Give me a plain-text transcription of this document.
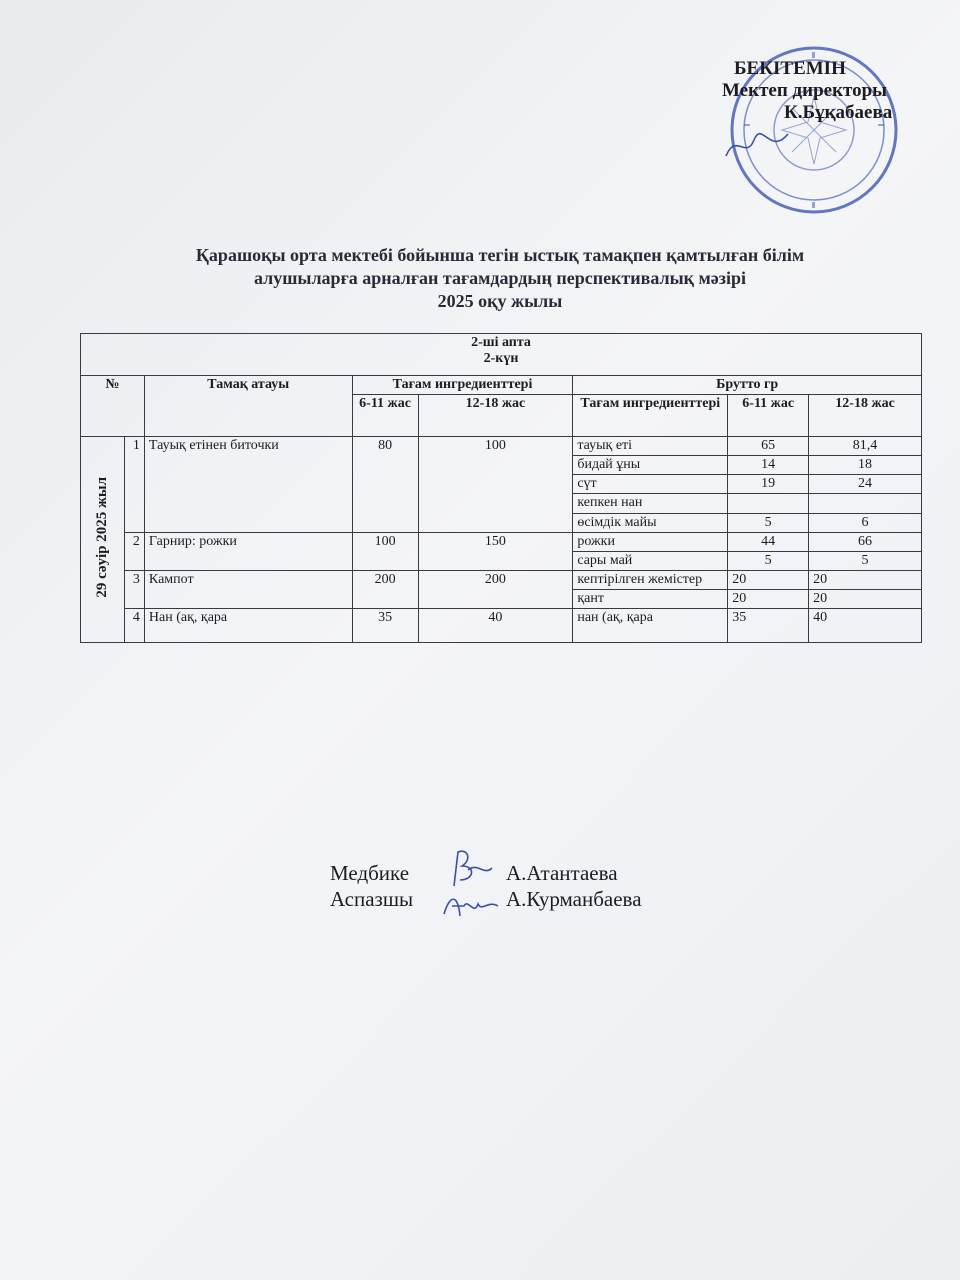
БЕКІТЕМІН
Мектеп директоры
К.Бұқабаева
Қарашоқы орта мектебі бойынша тегін ыстық тамақпен қамтылған білім
алушыларға арналған тағамдардың перспективалық мәзірі
2025 оқу жылы
2-ші апта
2-күн							

№		Тамақ атауы	Тағам ингредиенттері		Брутто гр		
			6-11 жас	12-18 жас	Тағам ингредиенттері	6-11 жас	12-18 жас
29 сәуір 2025 жыл	1	Тауық етінен биточки	80	100	тауық еті	65	81,4
					бидай ұны	14	18
					сүт	19	24
					кепкен нан		
					өсімдік майы	5	6
	2	Гарнир: рожки	100	150	рожки	44	66
					сары май	5	5
	3	Кампот	200	200	кептірілген жемістер	20	20
					қант	20	20
	4	Нан (ақ, қара	35	40	нан (ақ, қара	35	40
Медбике	А.Атантаева
Аспазшы	А.Курманбаева
